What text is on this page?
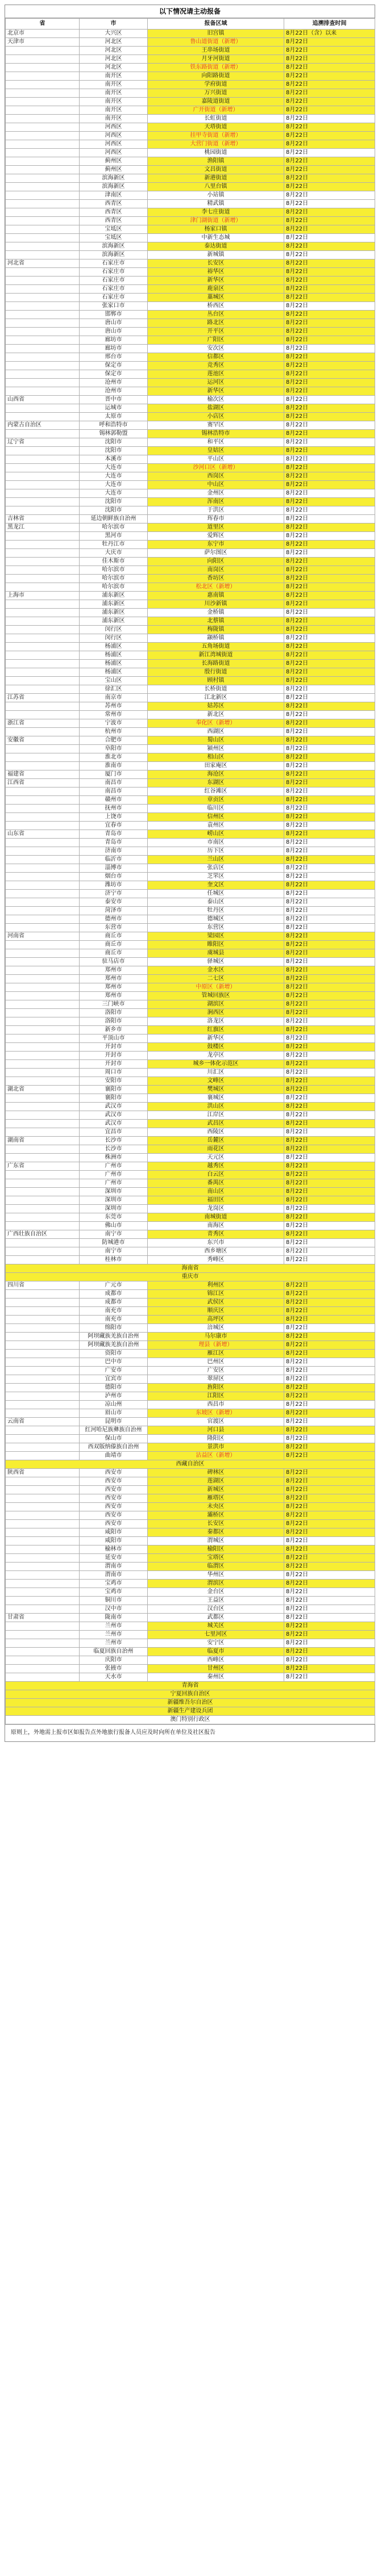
以下情况请主动报备
省	市	报备区域	追溯排查时间
北京市	大兴区	旧宫镇	8月22日（含）以来
天津市	河北区	鲁山道街道（新增）	8月22日
	河北区	王串场街道	8月22日
	河北区	月牙河街道	8月22日
	河北区	铁东路街道（新增）	8月22日
	南开区	向阳路街道	8月22日
	南开区	学府街道	8月22日
	南开区	万兴街道	8月22日
	南开区	嘉陵道街道	8月22日
	南开区	广开街道（新增）	8月22日
	南开区	长虹街道	8月22日
	河西区	天塔街道	8月22日
	河西区	挂甲寺街道（新增）	8月22日
	河西区	大营门街道（新增）	8月22日
	河西区	桃园街道	8月22日
	蓟州区	渔阳镇	8月22日
	蓟州区	文昌街道	8月22日
	滨海新区	新港街道	8月22日
	滨海新区	八里台镇	8月22日
	津南区	小站镇	8月22日
	西青区	精武镇	8月22日
	西青区	李七庄街道	8月22日
	西青区	津门湖街道（新增）	8月22日
	宝坻区	杨家口镇	8月22日
	宝坻区	中新生态城	8月22日
	滨海新区	泰达街道	8月22日
	滨海新区	新城镇	8月22日
河北省	石家庄市	长安区	8月22日
	石家庄市	裕华区	8月22日
	石家庄市	新华区	8月22日
	石家庄市	鹿泉区	8月22日
	石家庄市	藁城区	8月22日
	张家口市	桥西区	8月22日
	邯郸市	丛台区	8月22日
	唐山市	路北区	8月22日
	唐山市	开平区	8月22日
	廊坊市	广阳区	8月22日
	廊坊市	安次区	8月22日
	邢台市	信都区	8月22日
	保定市	竞秀区	8月22日
	保定市	莲池区	8月22日
	沧州市	运河区	8月22日
	沧州市	新华区	8月22日
山西省	晋中市	榆次区	8月22日
	运城市	盐湖区	8月22日
	太原市	小店区	8月22日
内蒙古自治区	呼和浩特市	赛罕区	8月22日
	锡林郭勒盟	锡林浩特市	8月22日
辽宁省	沈阳市	和平区	8月22日
	沈阳市	皇姑区	8月22日
	本溪市	平山区	8月22日
	大连市	沙河口区（新增）	8月22日
	大连市	西岗区	8月22日
	大连市	中山区	8月22日
	大连市	金州区	8月22日
	沈阳市	浑南区	8月22日
	沈阳市	于洪区	8月22日
吉林省	延边朝鲜族自治州	珲春市	8月22日
黑龙江	哈尔滨市	道里区	8月22日
	黑河市	爱辉区	8月22日
	牡丹江市	东宁市	8月22日
	大庆市	萨尔图区	8月22日
	佳木斯市	向阳区	8月22日
	哈尔滨市	南岗区	8月22日
	哈尔滨市	香坊区	8月22日
	哈尔滨市	松北区（新增）	8月22日
上海市	浦东新区	惠南镇	8月22日
	浦东新区	川沙新镇	8月22日
	浦东新区	金桥镇	8月22日
	浦东新区	北蔡镇	8月22日
	闵行区	梅陇镇	8月22日
	闵行区	颛桥镇	8月22日
	杨浦区	五角场街道	8月22日
	杨浦区	新江湾城街道	8月22日
	杨浦区	长海路街道	8月22日
	杨浦区	殷行街道	8月22日
	宝山区	顾村镇	8月22日
	徐汇区	长桥街道	8月22日
江苏省	南京市	江北新区	8月22日
	苏州市	姑苏区	8月22日
	常州市	新北区	8月22日
浙江省	宁波市	奉化区（新增）	8月22日
	杭州市	西湖区	8月22日
安徽省	合肥市	蜀山区	8月22日
	阜阳市	颍州区	8月22日
	淮北市	相山区	8月22日
	淮南市	田家庵区	8月22日
福建省	厦门市	海沧区	8月22日
江西省	南昌市	东湖区	8月22日
	南昌市	红谷滩区	8月22日
	赣州市	章贡区	8月22日
	抚州市	临川区	8月22日
	上饶市	信州区	8月22日
	宜春市	袁州区	8月22日
山东省	青岛市	崂山区	8月22日
	青岛市	市南区	8月22日
	济南市	历下区	8月22日
	临沂市	兰山区	8月22日
	淄博市	张店区	8月22日
	烟台市	芝罘区	8月22日
	潍坊市	奎文区	8月22日
	济宁市	任城区	8月22日
	泰安市	泰山区	8月22日
	菏泽市	牡丹区	8月22日
	德州市	德城区	8月22日
	东营市	东营区	8月22日
河南省	商丘市	梁园区	8月22日
	商丘市	睢阳区	8月22日
	商丘市	虞城县	8月22日
	驻马店市	驿城区	8月22日
	郑州市	金水区	8月22日
	郑州市	二七区	8月22日
	郑州市	中原区（新增）	8月22日
	郑州市	管城回族区	8月22日
	三门峡市	湖滨区	8月22日
	洛阳市	涧西区	8月22日
	洛阳市	洛龙区	8月22日
	新乡市	红旗区	8月22日
	平顶山市	新华区	8月22日
	开封市	鼓楼区	8月22日
	开封市	龙亭区	8月22日
	开封市	城乡一体化示范区	8月22日
	周口市	川汇区	8月22日
	安阳市	文峰区	8月22日
湖北省	襄阳市	樊城区	8月22日
	襄阳市	襄城区	8月22日
	武汉市	洪山区	8月22日
	武汉市	江岸区	8月22日
	武汉市	武昌区	8月22日
	宜昌市	西陵区	8月22日
湖南省	长沙市	岳麓区	8月22日
	长沙市	雨花区	8月22日
	株洲市	天元区	8月22日
广东省	广州市	越秀区	8月22日
	广州市	白云区	8月22日
	广州市	番禺区	8月22日
	深圳市	南山区	8月22日
	深圳市	福田区	8月22日
	深圳市	龙岗区	8月22日
	东莞市	南城街道	8月22日
	佛山市	南海区	8月22日
广西壮族自治区	南宁市	青秀区	8月22日
	防城港市	东兴市	8月22日
	南宁市	西乡塘区	8月22日
	桂林市	秀峰区	8月22日
海南省			
重庆市			
四川省	广元市	利州区	8月22日
	成都市	锦江区	8月22日
	成都市	武侯区	8月22日
	南充市	顺庆区	8月22日
	南充市	高坪区	8月22日
	绵阳市	涪城区	8月22日
	阿坝藏族羌族自治州	马尔康市	8月22日
	阿坝藏族羌族自治州	理县（新增）	8月22日
	资阳市	雁江区	8月22日
	巴中市	巴州区	8月22日
	广安市	广安区	8月22日
	宜宾市	翠屏区	8月22日
	德阳市	旌阳区	8月22日
	泸州市	江阳区	8月22日
	凉山州	西昌市	8月22日
	眉山市	东坡区（新增）	8月22日
云南省	昆明市	官渡区	8月22日
	红河哈尼族彝族自治州	河口县	8月22日
	保山市	隆阳区	8月22日
	西双版纳傣族自治州	景洪市	8月22日
	曲靖市	沾益区（新增）	8月22日
西藏自治区			
陕西省	西安市	碑林区	8月22日
	西安市	莲湖区	8月22日
	西安市	新城区	8月22日
	西安市	雁塔区	8月22日
	西安市	未央区	8月22日
	西安市	灞桥区	8月22日
	西安市	长安区	8月22日
	咸阳市	秦都区	8月22日
	咸阳市	渭城区	8月22日
	榆林市	榆阳区	8月22日
	延安市	宝塔区	8月22日
	渭南市	临渭区	8月22日
	渭南市	华州区	8月22日
	宝鸡市	渭滨区	8月22日
	宝鸡市	金台区	8月22日
	铜川市	王益区	8月22日
	汉中市	汉台区	8月22日
甘肃省	陇南市	武都区	8月22日
	兰州市	城关区	8月22日
	兰州市	七里河区	8月22日
	兰州市	安宁区	8月22日
	临夏回族自治州	临夏市	8月22日
	庆阳市	西峰区	8月22日
	张掖市	甘州区	8月22日
	天水市	秦州区	8月22日
青海省			
宁夏回族自治区			
新疆维吾尔自治区			
新疆生产建设兵团			
澳门特别行政区			
原则上，外地需上报市区如报告点外地旅行报备人员应及时向所在单位及社区报告
